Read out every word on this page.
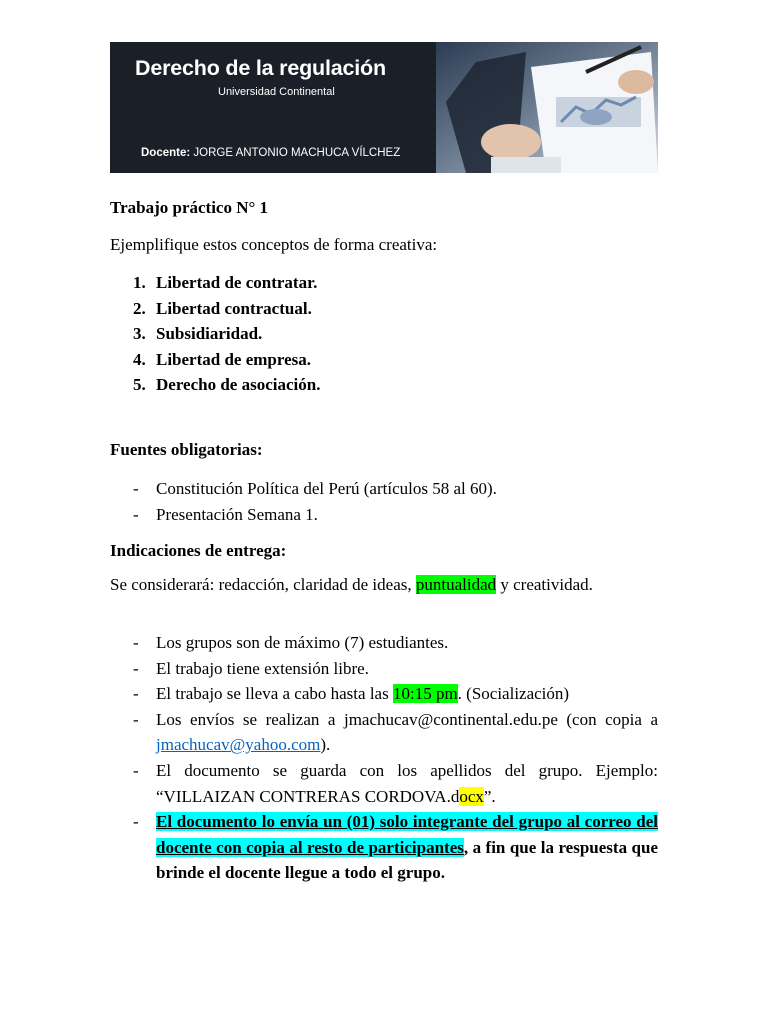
Derecho de la regulación
Universidad Continental
Docente: JORGE ANTONIO MACHUCA VÍLCHEZ
Trabajo práctico N° 1
Ejemplifique estos conceptos de forma creativa:
1. Libertad de contratar.
2. Libertad contractual.
3. Subsidiaridad.
4. Libertad de empresa.
5. Derecho de asociación.
Fuentes obligatorias:
- Constitución Política del Perú (artículos 58 al 60).
- Presentación Semana 1.
Indicaciones de entrega:
Se considerará: redacción, claridad de ideas, puntualidad y creatividad.
- Los grupos son de máximo (7) estudiantes.
- El trabajo tiene extensión libre.
- El trabajo se lleva a cabo hasta las 10:15 pm. (Socialización)
- Los envíos se realizan a jmachucav@continental.edu.pe (con copia a jmachucav@yahoo.com).
- El documento se guarda con los apellidos del grupo. Ejemplo: “VILLAIZAN CONTRERAS CORDOVA.docx”.
- El documento lo envía un (01) solo integrante del grupo al correo del docente con copia al resto de participantes, a fin que la respuesta que brinde el docente llegue a todo el grupo.
